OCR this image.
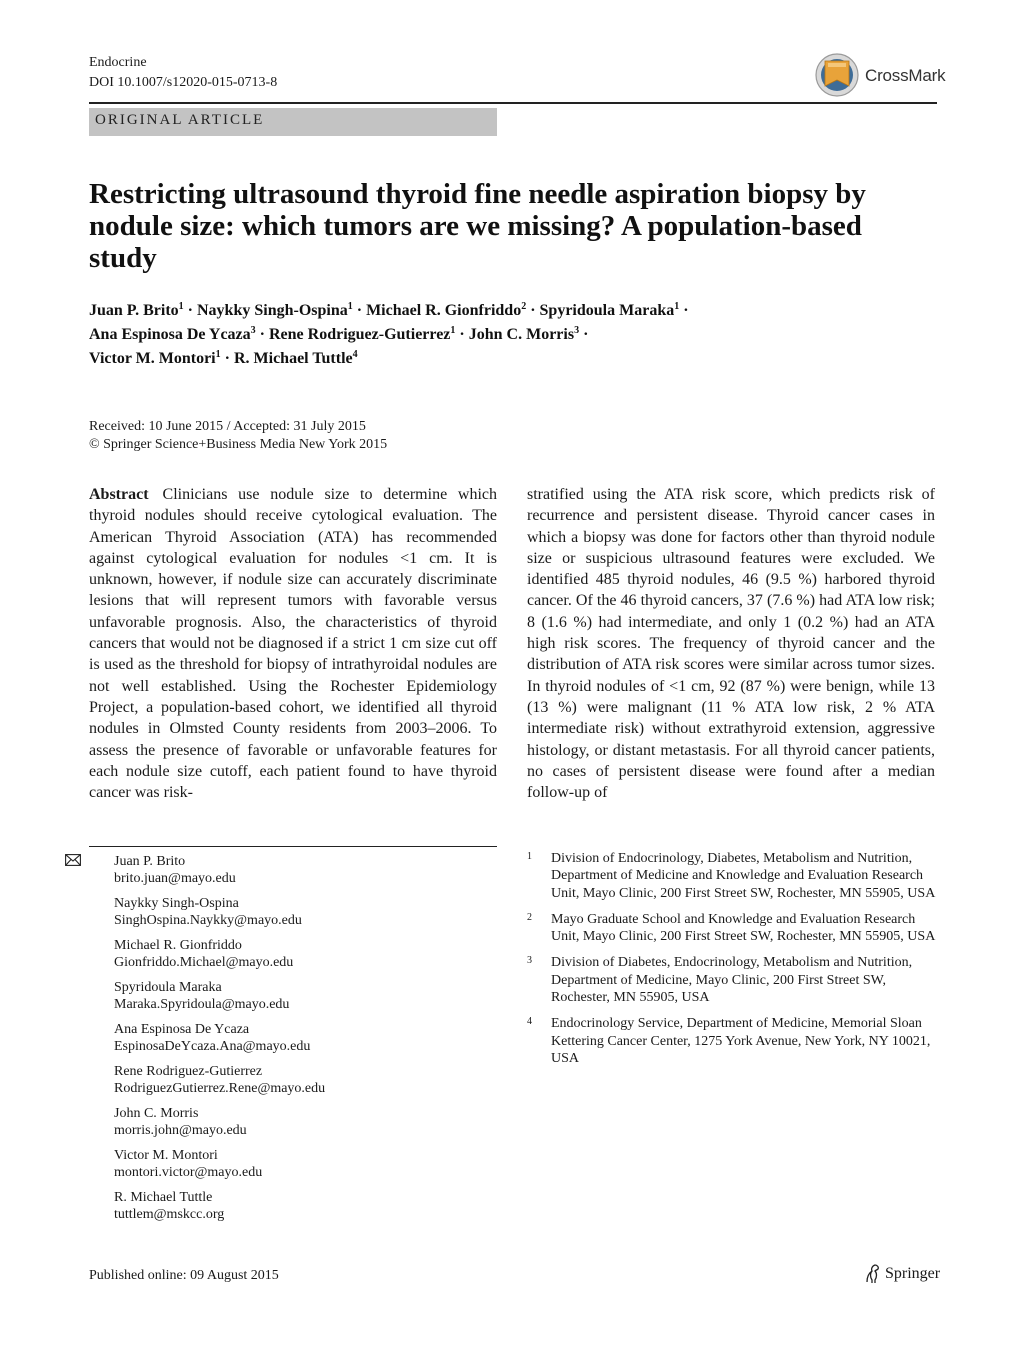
Endocrine
DOI 10.1007/s12020-015-0713-8	CrossMark
ORIGINAL ARTICLE
Restricting ultrasound thyroid fine needle aspiration biopsy by nodule size: which tumors are we missing? A population-based study
Juan P. Brito$^1$ · Naykky Singh-Ospina$^1$ · Michael R. Gionfriddo$^2$ · Spyridoula Maraka$^1$ ·
Ana Espinosa De Ycaza$^3$ · Rene Rodriguez-Gutierrez$^1$ · John C. Morris$^3$ ·
Victor M. Montori$^1$ · R. Michael Tuttle$^4$
Received: 10 June 2015 / Accepted: 31 July 2015
© Springer Science+Business Media New York 2015
Abstract Clinicians use nodule size to determine which thyroid nodules should receive cytological evaluation. The American Thyroid Association (ATA) has recommended against cytological evaluation for nodules <1 cm. It is unknown, however, if nodule size can accurately discriminate lesions that will represent tumors with favorable versus unfavorable prognosis. Also, the characteristics of thyroid cancers that would not be diagnosed if a strict 1 cm size cut off is used as the threshold for biopsy of intrathyroidal nodules are not well established. Using the Rochester Epidemiology Project, a population-based cohort, we identified all thyroid nodules in Olmsted County residents from 2003–2006. To assess the presence of favorable or unfavorable features for each nodule size cutoff, each patient found to have thyroid cancer was risk-
stratified using the ATA risk score, which predicts risk of recurrence and persistent disease. Thyroid cancer cases in which a biopsy was done for factors other than thyroid nodule size or suspicious ultrasound features were excluded. We identified 485 thyroid nodules, 46 (9.5 %) harbored thyroid cancer. Of the 46 thyroid cancers, 37 (7.6 %) had ATA low risk; 8 (1.6 %) had intermediate, and only 1 (0.2 %) had an ATA high risk scores. The frequency of thyroid cancer and the distribution of ATA risk scores were similar across tumor sizes. In thyroid nodules of <1 cm, 92 (87 %) were benign, while 13 (13 %) were malignant (11 % ATA low risk, 2 % ATA intermediate risk) without extrathyroid extension, aggressive histology, or distant metastasis. For all thyroid cancer patients, no cases of persistent disease were found after a median follow-up of
Juan P. Brito
brito.juan@mayo.edu
Naykky Singh-Ospina
SinghOspina.Naykky@mayo.edu
Michael R. Gionfriddo
Gionfriddo.Michael@mayo.edu
Spyridoula Maraka
Maraka.Spyridoula@mayo.edu
Ana Espinosa De Ycaza
EspinosaDeYcaza.Ana@mayo.edu
Rene Rodriguez-Gutierrez
RodriguezGutierrez.Rene@mayo.edu
John C. Morris
morris.john@mayo.edu
Victor M. Montori
montori.victor@mayo.edu
R. Michael Tuttle
tuttlem@mskcc.org
1 Division of Endocrinology, Diabetes, Metabolism and Nutrition, Department of Medicine and Knowledge and Evaluation Research Unit, Mayo Clinic, 200 First Street SW, Rochester, MN 55905, USA
2 Mayo Graduate School and Knowledge and Evaluation Research Unit, Mayo Clinic, 200 First Street SW, Rochester, MN 55905, USA
3 Division of Diabetes, Endocrinology, Metabolism and Nutrition, Department of Medicine, Mayo Clinic, 200 First Street SW, Rochester, MN 55905, USA
4 Endocrinology Service, Department of Medicine, Memorial Sloan Kettering Cancer Center, 1275 York Avenue, New York, NY 10021, USA
Published online: 09 August 2015	Springer
